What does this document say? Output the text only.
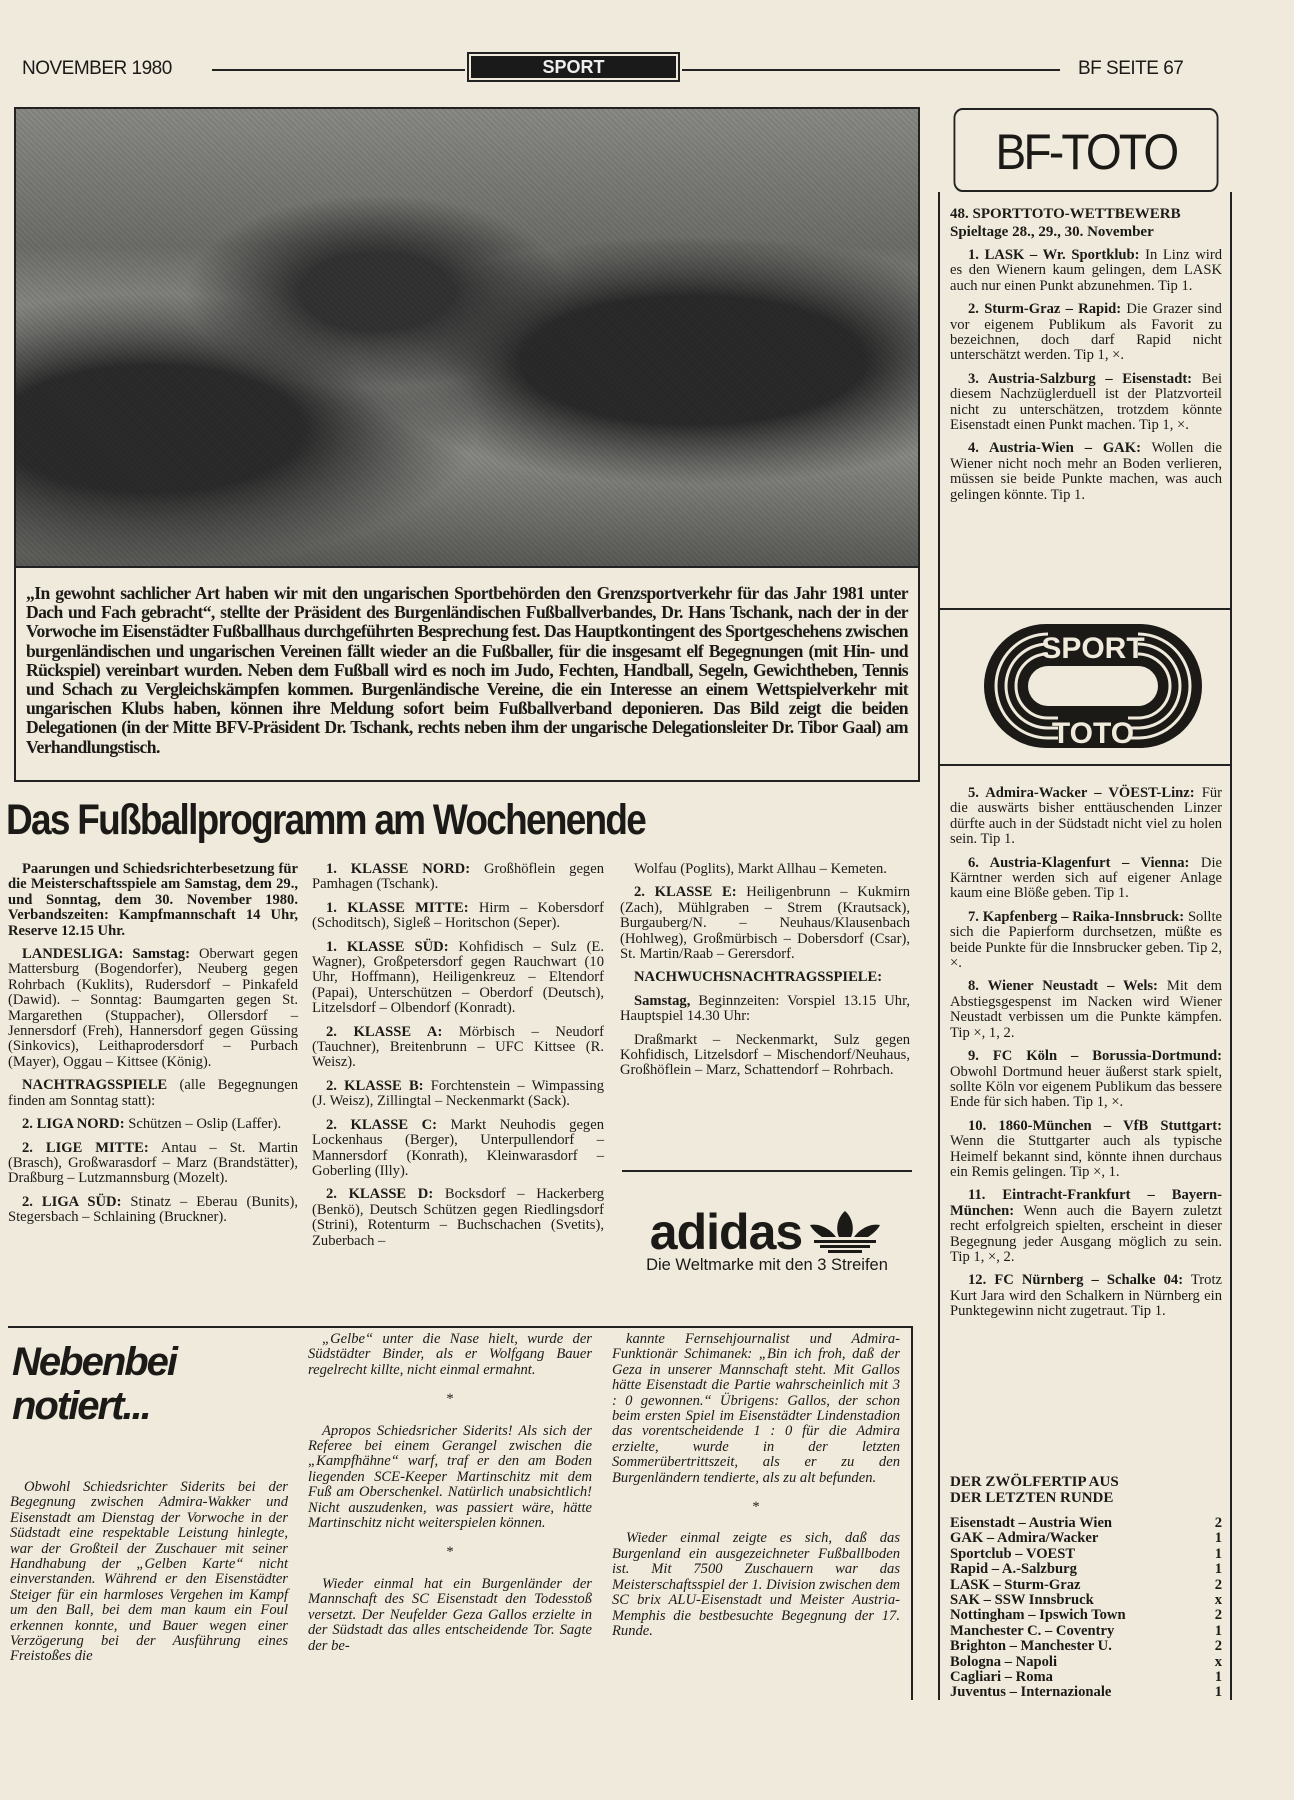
NOVEMBER 1980	SPORT	BF SEITE 67
„In gewohnt sachlicher Art haben wir mit den ungarischen Sportbehörden den Grenzsportverkehr für das Jahr 1981 unter Dach und Fach gebracht“, stellte der Präsident des Burgenländischen Fußballverbandes, Dr. Hans Tschank, nach der in der Vorwoche im Eisenstädter Fußballhaus durchgeführten Besprechung fest. Das Hauptkontingent des Sportgeschehens zwischen burgenländischen und ungarischen Vereinen fällt wieder an die Fußballer, für die insgesamt elf Begegnungen (mit Hin- und Rückspiel) vereinbart wurden. Neben dem Fußball wird es noch im Judo, Fechten, Handball, Segeln, Gewichtheben, Tennis und Schach zu Vergleichskämpfen kommen. Burgenländische Vereine, die ein Interesse an einem Wettspielverkehr mit ungarischen Klubs haben, können ihre Meldung sofort beim Fußballverband deponieren. Das Bild zeigt die beiden Delegationen (in der Mitte BFV-Präsident Dr. Tschank, rechts neben ihm der ungarische Delegationsleiter Dr. Tibor Gaal) am Verhandlungstisch.
Das Fußballprogramm am Wochenende

Paarungen und Schiedsrichterbesetzung für die Meisterschaftsspiele am Samstag, dem 29., und Sonntag, dem 30. November 1980. Verbandszeiten: Kampfmannschaft 14 Uhr, Reserve 12.15 Uhr.

LANDESLIGA: Samstag: Oberwart gegen Mattersburg (Bogendorfer), Neuberg gegen Rohrbach (Kuklits), Rudersdorf – Pinkafeld (Dawid). – Sonntag: Baumgarten gegen St. Margarethen (Stuppacher), Ollersdorf – Jennersdorf (Freh), Hannersdorf gegen Güssing (Sinkovics), Leithaprodersdorf – Purbach (Mayer), Oggau – Kittsee (König).

NACHTRAGSSPIELE (alle Begegnungen finden am Sonntag statt):

2. LIGA NORD: Schützen – Oslip (Laffer).

2. LIGE MITTE: Antau – St. Martin (Brasch), Großwarasdorf – Marz (Brandstätter), Draßburg – Lutzmannsburg (Mozelt).

2. LIGA SÜD: Stinatz – Eberau (Bunits), Stegersbach – Schlaining (Bruckner).

1. KLASSE NORD: Großhöflein gegen Pamhagen (Tschank).

1. KLASSE MITTE: Hirm – Kobersdorf (Schoditsch), Sigleß – Horitschon (Seper).

1. KLASSE SÜD: Kohfidisch – Sulz (E. Wagner), Großpetersdorf gegen Rauchwart (10 Uhr, Hoffmann), Heiligenkreuz – Eltendorf (Papai), Unterschützen – Oberdorf (Deutsch), Litzelsdorf – Olbendorf (Konradt).

2. KLASSE A: Mörbisch – Neudorf (Tauchner), Breitenbrunn – UFC Kittsee (R. Weisz).

2. KLASSE B: Forchtenstein – Wimpassing (J. Weisz), Zillingtal – Neckenmarkt (Sack).

2. KLASSE C: Markt Neuhodis gegen Lockenhaus (Berger), Unterpullendorf – Mannersdorf (Konrath), Kleinwarasdorf – Goberling (Illy).

2. KLASSE D: Bocksdorf – Hackerberg (Benkö), Deutsch Schützen gegen Riedlingsdorf (Strini), Rotenturm – Buchschachen (Svetits), Zuberbach –

Wolfau (Poglits), Markt Allhau – Kemeten.

2. KLASSE E: Heiligenbrunn – Kukmirn (Zach), Mühlgraben – Strem (Krautsack), Burgauberg/N. – Neuhaus/Klausenbach (Hohlweg), Großmürbisch – Dobersdorf (Csar), St. Martin/Raab – Gerersdorf.

NACHWUCHSNACHTRAGSSPIELE:

Samstag, Beginnzeiten: Vorspiel 13.15 Uhr, Hauptspiel 14.30 Uhr:

Draßmarkt – Neckenmarkt, Sulz gegen Kohfidisch, Litzelsdorf – Mischendorf/Neuhaus, Großhöflein – Marz, Schattendorf – Rohrbach.

adidas
Die Weltmarke mit den 3 Streifen
Nebenbei
notiert...

Obwohl Schiedsrichter Siderits bei der Begegnung zwischen Admira-Wakker und Eisenstadt am Dienstag der Vorwoche in der Südstadt eine respektable Leistung hinlegte, war der Großteil der Zuschauer mit seiner Handhabung der „Gelben Karte“ nicht einverstanden. Während er den Eisenstädter Steiger für ein harmloses Vergehen im Kampf um den Ball, bei dem man kaum ein Foul erkennen konnte, und Bauer wegen einer Verzögerung bei der Ausführung eines Freistoßes die

„Gelbe“ unter die Nase hielt, wurde der Südstädter Binder, als er Wolfgang Bauer regelrecht killte, nicht einmal ermahnt.

*

Apropos Schiedsricher Siderits! Als sich der Referee bei einem Gerangel zwischen die „Kampfhähne“ warf, traf er den am Boden liegenden SCE-Keeper Martinschitz mit dem Fuß am Oberschenkel. Natürlich unabsichtlich! Nicht auszudenken, was passiert wäre, hätte Martinschitz nicht weiterspielen können.

*

Wieder einmal hat ein Burgenländer der Mannschaft des SC Eisenstadt den Todesstoß versetzt. Der Neufelder Geza Gallos erzielte in der Südstadt das alles entscheidende Tor. Sagte der be-

kannte Fernsehjournalist und Admira-Funktionär Schimanek: „Bin ich froh, daß der Geza in unserer Mannschaft steht. Mit Gallos hätte Eisenstadt die Partie wahrscheinlich mit 3 : 0 gewonnen.“ Übrigens: Gallos, der schon beim ersten Spiel im Eisenstädter Lindenstadion das vorentscheidende 1 : 0 für die Admira erzielte, wurde in der letzten Sommerübertrittszeit, als er zu den Burgenländern tendierte, als zu alt befunden.

*

Wieder einmal zeigte es sich, daß das Burgenland ein ausgezeichneter Fußballboden ist. Mit 7500 Zuschauern war das Meisterschaftsspiel der 1. Division zwischen dem SC brix ALU-Eisenstadt und Meister Austria-Memphis die bestbesuchte Begegnung der 17. Runde.

BF-TOTO
48. SPORTTOTO-WETTBEWERB
Spieltage 28., 29., 30. November

1. LASK – Wr. Sportklub: In Linz wird es den Wienern kaum gelingen, dem LASK auch nur einen Punkt abzunehmen. Tip 1.

2. Sturm-Graz – Rapid: Die Grazer sind vor eigenem Publikum als Favorit zu bezeichnen, doch darf Rapid nicht unterschätzt werden. Tip 1, ×.

3. Austria-Salzburg – Eisenstadt: Bei diesem Nachzüglerduell ist der Platzvorteil nicht zu unterschätzen, trotzdem könnte Eisenstadt einen Punkt machen. Tip 1, ×.

4. Austria-Wien – GAK: Wollen die Wiener nicht noch mehr an Boden verlieren, müssen sie beide Punkte machen, was auch gelingen könnte. Tip 1.

SPORT
TOTO

5. Admira-Wacker – VÖEST-Linz: Für die auswärts bisher enttäuschenden Linzer dürfte auch in der Südstadt nicht viel zu holen sein. Tip 1.

6. Austria-Klagenfurt – Vienna: Die Kärntner werden sich auf eigener Anlage kaum eine Blöße geben. Tip 1.

7. Kapfenberg – Raika-Innsbruck: Sollte sich die Papierform durchsetzen, müßte es beide Punkte für die Innsbrucker geben. Tip 2, ×.

8. Wiener Neustadt – Wels: Mit dem Abstiegsgespenst im Nacken wird Wiener Neustadt verbissen um die Punkte kämpfen. Tip ×, 1, 2.

9. FC Köln – Borussia-Dortmund: Obwohl Dortmund heuer äußerst stark spielt, sollte Köln vor eigenem Publikum das bessere Ende für sich haben. Tip 1, ×.

10. 1860-München – VfB Stuttgart: Wenn die Stuttgarter auch als typische Heimelf bekannt sind, könnte ihnen durchaus ein Remis gelingen. Tip ×, 1.

11. Eintracht-Frankfurt – Bayern-München: Wenn auch die Bayern zuletzt recht erfolgreich spielten, erscheint in dieser Begegnung jeder Ausgang möglich zu sein. Tip 1, ×, 2.

12. FC Nürnberg – Schalke 04: Trotz Kurt Jara wird den Schalkern in Nürnberg ein Punktegewinn nicht zugetraut. Tip 1.

DER ZWÖLFERTIP AUS DER LETZTEN RUNDE
Eisenstadt – Austria Wien	2
GAK – Admira/Wacker	1
Sportclub – VOEST	1
Rapid – A.-Salzburg	1
LASK – Sturm-Graz	2
SAK – SSW Innsbruck	x
Nottingham – Ipswich Town	2
Manchester C. – Coventry	1
Brighton – Manchester U.	2
Bologna – Napoli	x
Cagliari – Roma	1
Juventus – Internazionale	1
